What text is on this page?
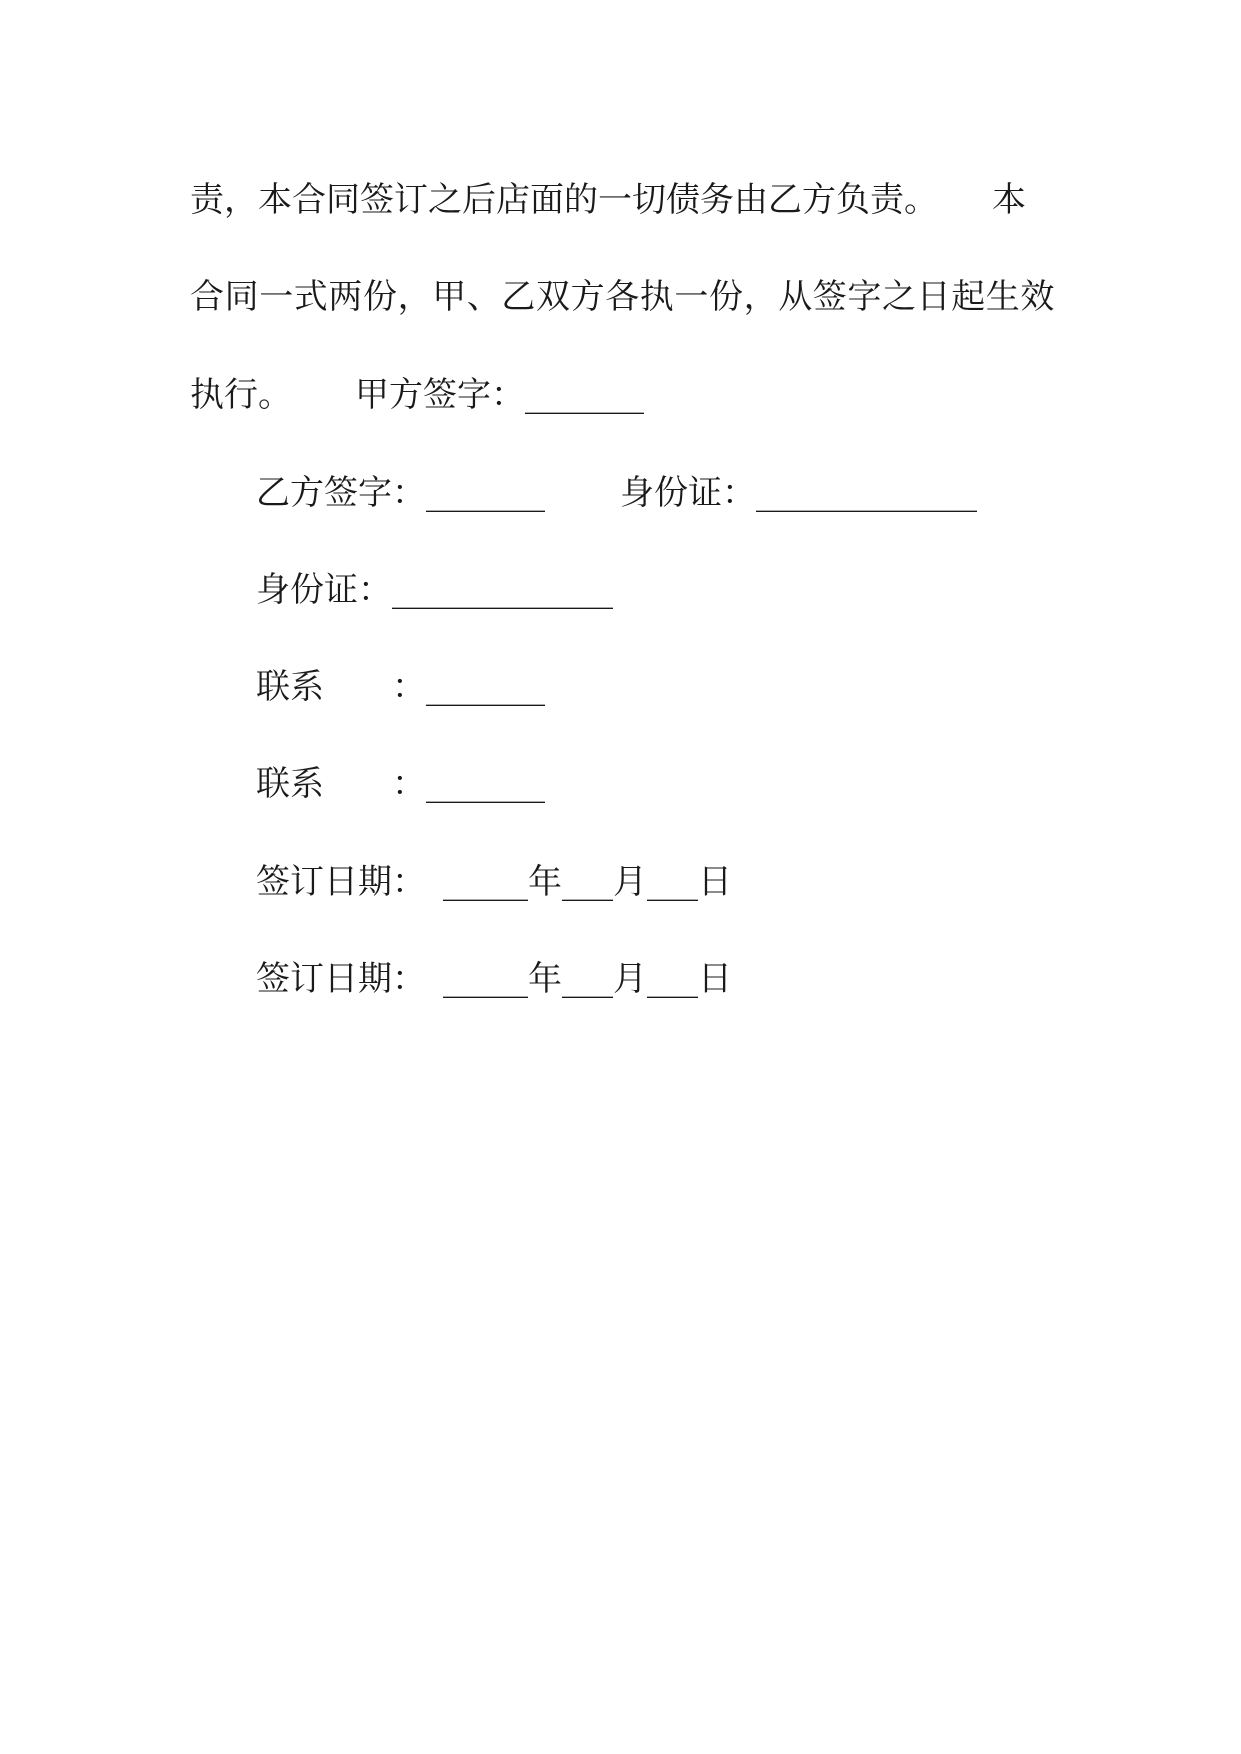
责，本合同签订之后店面的一切债务由乙方负责。

本

合同一式两份，甲、乙双方各执一份，从签字之日起生效

执行。

甲方签字：_______

乙方签字：_______

身份证：_____________

身份证：_____________

联系　　：_______

联系　　：_______

签订日期：　_____年___月___日

签订日期：　_____年___月___日
